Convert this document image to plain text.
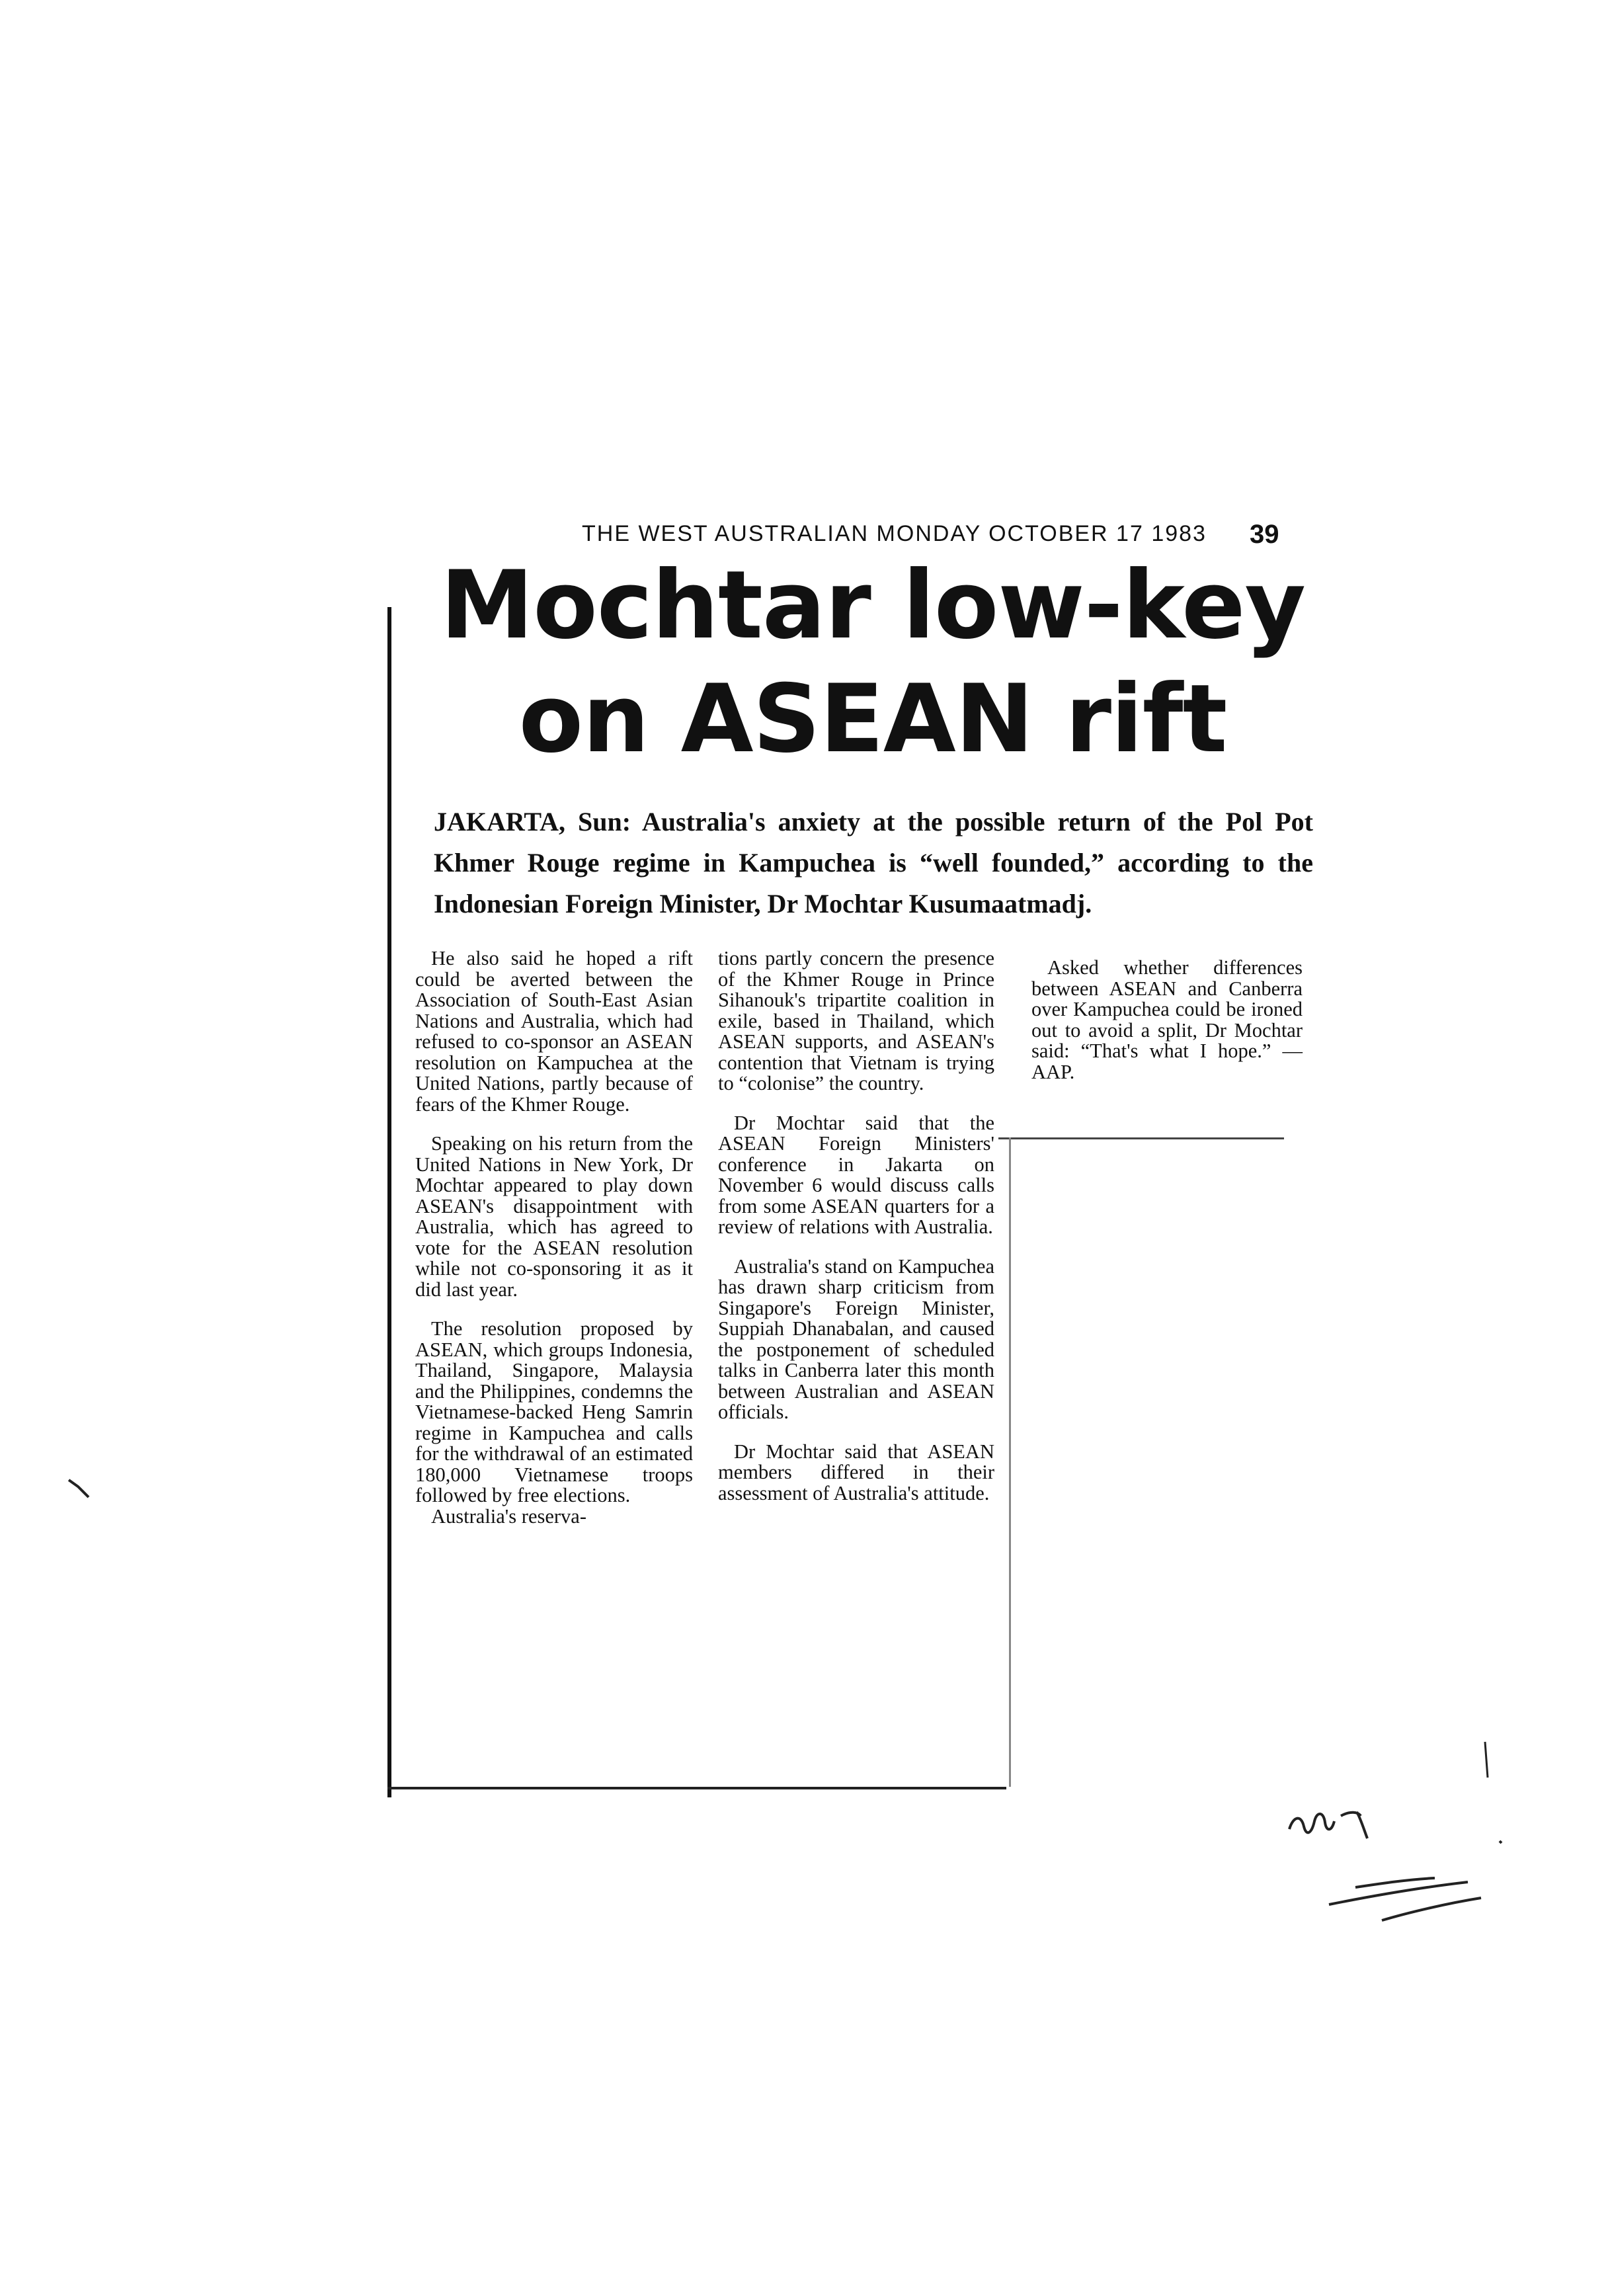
THE WEST AUSTRALIAN MONDAY OCTOBER 17 1983 39
Mochtar low-key
on ASEAN rift

JAKARTA, Sun: Australia's anxiety at the possible return of the Pol Pot Khmer Rouge regime in Kampuchea is “well founded,” according to the Indonesian Foreign Minister, Dr Mochtar Kusumaatmadj.

He also said he hoped a rift could be averted between the Association of South-East Asian Nations and Australia, which had refused to co-sponsor an ASEAN resolution on Kampuchea at the United Nations, partly because of fears of the Khmer Rouge.

Speaking on his return from the United Nations in New York, Dr Mochtar appeared to play down ASEAN's disappointment with Australia, which has agreed to vote for the ASEAN resolution while not co-sponsoring it as it did last year.

The resolution proposed by ASEAN, which groups Indonesia, Thailand, Singapore, Malaysia and the Philippines, condemns the Vietnamese-backed Heng Samrin regime in Kampuchea and calls for the withdrawal of an estimated 180,000 Vietnamese troops followed by free elections.

Australia's reserva-

tions partly concern the presence of the Khmer Rouge in Prince Sihanouk's tripartite coalition in exile, based in Thailand, which ASEAN supports, and ASEAN's contention that Vietnam is trying to “colonise” the country.

Dr Mochtar said that the ASEAN Foreign Ministers' conference in Jakarta on November 6 would discuss calls from some ASEAN quarters for a review of relations with Australia.

Australia's stand on Kampuchea has drawn sharp criticism from Singapore's Foreign Minister, Suppiah Dhanabalan, and caused the postponement of scheduled talks in Canberra later this month between Australian and ASEAN officials.

Dr Mochtar said that ASEAN members differed in their assessment of Australia's attitude.

Asked whether differences between ASEAN and Canberra over Kampuchea could be ironed out to avoid a split, Dr Mochtar said: “That's what I hope.” —AAP.
